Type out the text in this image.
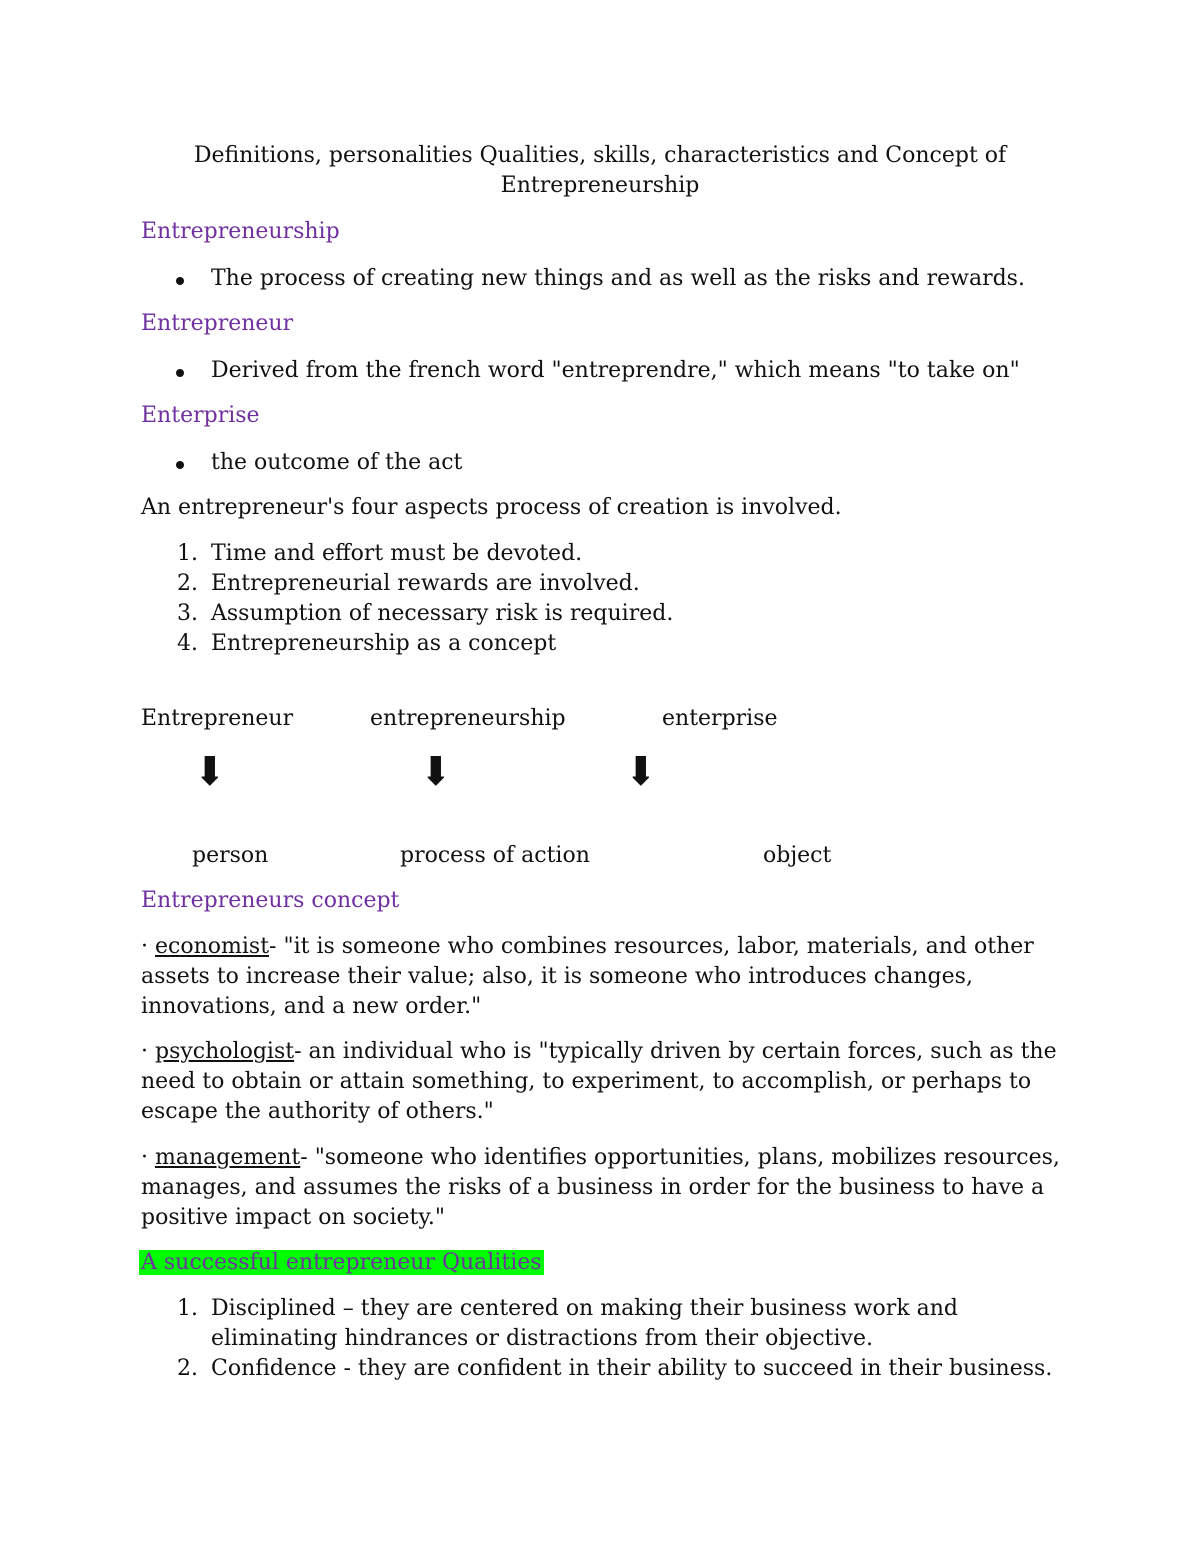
Definitions, personalities Qualities, skills, characteristics and Concept of
Entrepreneurship
Entrepreneurship
The process of creating new things and as well as the risks and rewards.
Entrepreneur
Derived from the french word "entreprendre," which means "to take on"
Enterprise
the outcome of the act
An entrepreneur's four aspects process of creation is involved.
1. Time and effort must be devoted.
2. Entrepreneurial rewards are involved.
3. Assumption of necessary risk is required.
4. Entrepreneurship as a concept
Entrepreneur	entrepreneurship	enterprise
⬇	⬇	⬇
person	process of action	object
Entrepreneurs concept
· economist- "it is someone who combines resources, labor, materials, and other assets to increase their value; also, it is someone who introduces changes, innovations, and a new order."
· psychologist- an individual who is "typically driven by certain forces, such as the need to obtain or attain something, to experiment, to accomplish, or perhaps to escape the authority of others."
· management- "someone who identifies opportunities, plans, mobilizes resources, manages, and assumes the risks of a business in order for the business to have a positive impact on society."
A successful entrepreneur Qualities
1. Disciplined – they are centered on making their business work and eliminating hindrances or distractions from their objective.
2. Confidence - they are confident in their ability to succeed in their business.
